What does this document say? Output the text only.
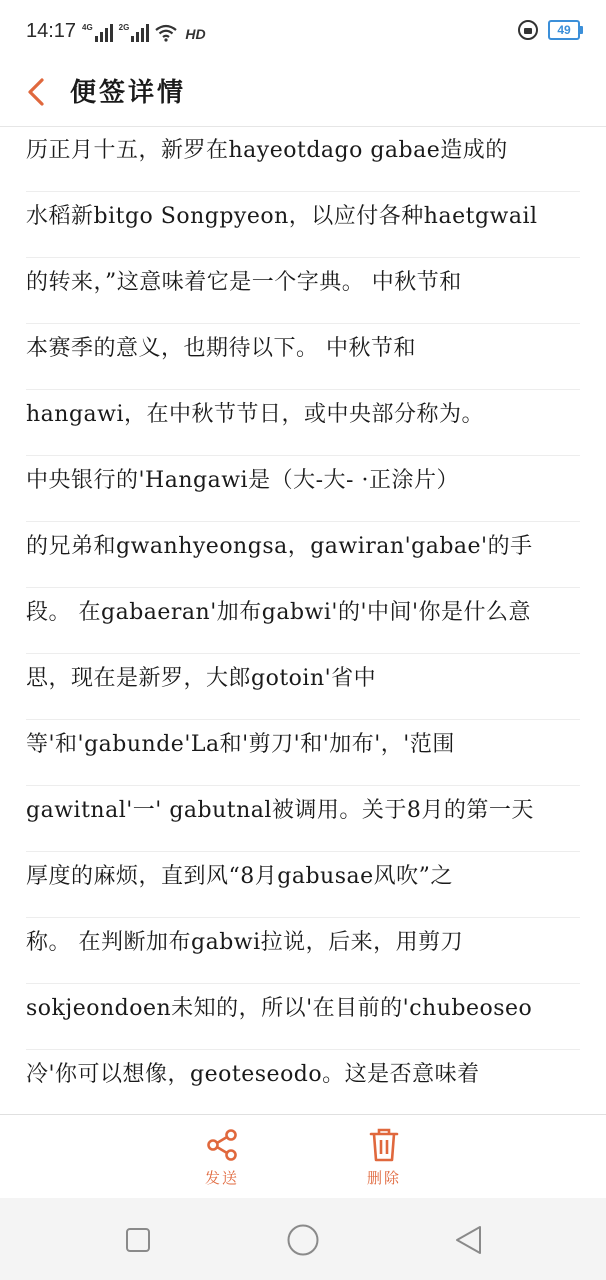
14:17 4G	2G	HD	49
便签详情
历正月十五，新罗在hayeotdago gabae造成的
水稻新bitgo Songpyeon，以应付各种haetgwail
的转来，”这意味着它是一个字典。 中秋节和
本赛季的意义，也期待以下。 中秋节和
hangawi，在中秋节节日，或中央部分称为。
中央银行的'Hangawi是（大-大- ·正涂片）
的兄弟和gwanhyeongsa，gawiran'gabae'的手
段。 在gabaeran'加布gabwi'的'中间'你是什么意
思，现在是新罗，大郎gotoin'省中
等'和'gabunde'La和'剪刀'和'加布'，'范围
gawitnal'一' gabutnal被调用。关于8月的第一天
厚度的麻烦，直到风“8月gabusae风吹”之
称。 在判断加布gabwi拉说，后来，用剪刀
sokjeondoen未知的，所以'在目前的'chubeoseo
冷'你可以想像，geoteseodo。这是否意味着
发送	删除
